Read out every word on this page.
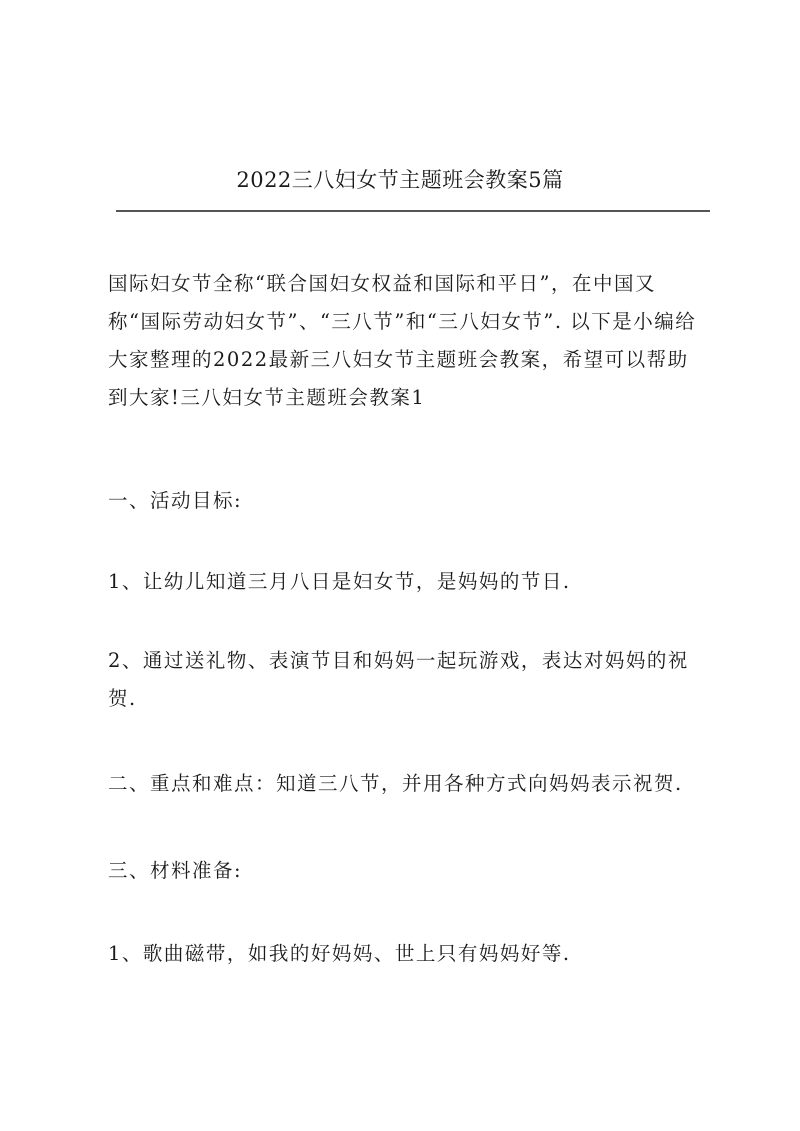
2022三八妇女节主题班会教案5篇

国际妇女节全称“联合国妇女权益和国际和平日”，在中国又称“国际劳动妇女节”、“三八节”和“三八妇女节”. 以下是小编给大家整理的2022最新三八妇女节主题班会教案，希望可以帮助到大家!三八妇女节主题班会教案1

一、活动目标:

1、让幼儿知道三月八日是妇女节，是妈妈的节日.

2、通过送礼物、表演节目和妈妈一起玩游戏，表达对妈妈的祝贺.

二、重点和难点：知道三八节，并用各种方式向妈妈表示祝贺.

三、材料准备:

1、歌曲磁带，如我的好妈妈、世上只有妈妈好等.
